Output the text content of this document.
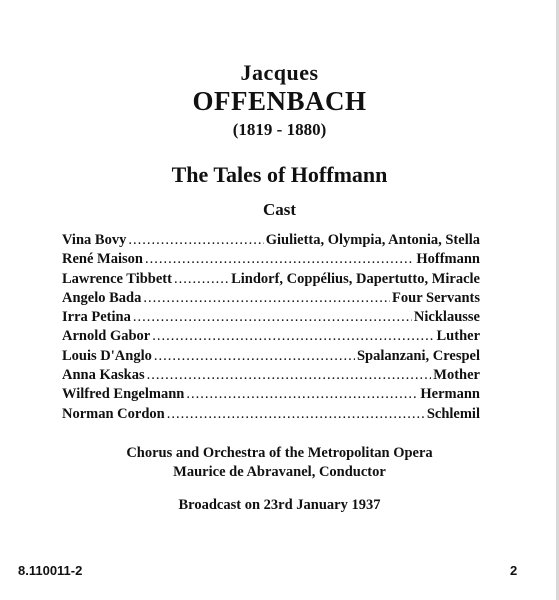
Jacques
OFFENBACH
(1819 - 1880)
The Tales of Hoffmann
Cast
Vina Bovy .....	Giulietta, Olympia, Antonia, Stella
René Maison .....	Hoffmann
Lawrence Tibbett .....	Lindorf, Coppélius, Dapertutto, Miracle
Angelo Bada .....	Four Servants
Irra Petina .....	Nicklausse
Arnold Gabor .....	Luther
Louis D'Anglo .....	Spalanzani, Crespel
Anna Kaskas .....	Mother
Wilfred Engelmann .....	Hermann
Norman Cordon .....	Schlemil
Chorus and Orchestra of the Metropolitan Opera
Maurice de Abravanel, Conductor
Broadcast on 23rd January 1937
8.110011-2	2
